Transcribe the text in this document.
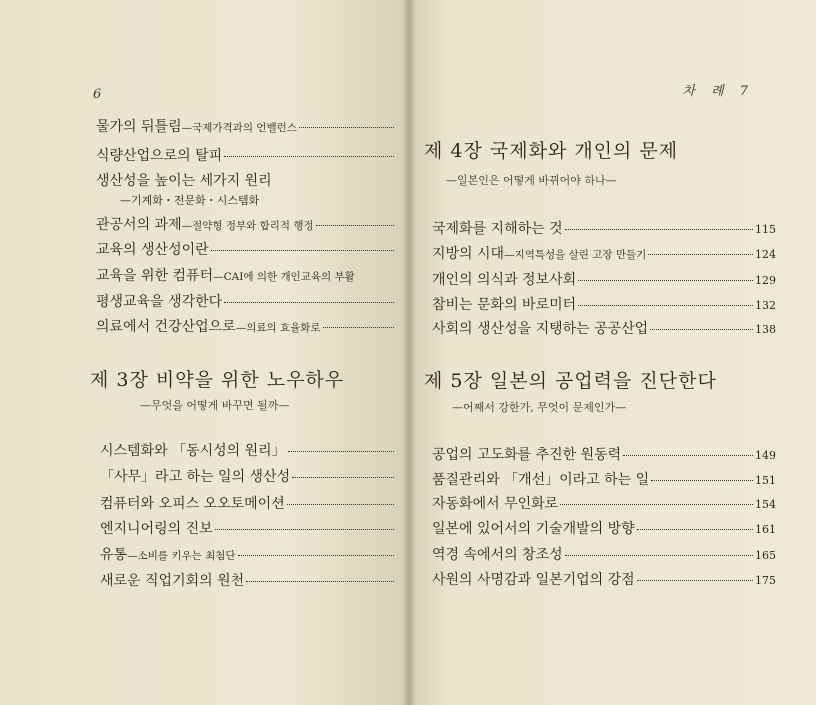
6
물가의 뒤틀림 —국제가격과의 언밸런스
식량산업으로의 탈피
생산성을 높이는 세가지 원리
—기계화・전문화・시스템화
관공서의 과제 —절약형 정부와 합리적 행정
교육의 생산성이란
교육을 위한 컴퓨터 —CAI에 의한 개인교육의 부활
평생교육을 생각한다
의료에서 건강산업으로 —의료의 효율화로
제 3장 비약을 위한 노우하우
—무엇을 어떻게 바꾸면 될까—
시스템화와 「동시성의 원리」
「사무」라고 하는 일의 생산성
컴퓨터와 오피스 오오토메이션
엔지니어링의 진보
유통 —소비를 키우는 최첨단
새로운 직업기회의 원천
차 례 7
제 4장 국제화와 개인의 문제
—일본인은 어떻게 바뀌어야 하나—
국제화를 지해하는 것	115
지방의 시대 —지역특성을 살린 고장 만들기	124
개인의 의식과 정보사회	129
참비는 문화의 바로미터	132
사회의 생산성을 지탱하는 공공산업	138
제 5장 일본의 공업력을 진단한다
—어째서 강한가, 무엇이 문제인가—
공업의 고도화를 추진한 원동력	149
품질관리와 「개선」이라고 하는 일	151
자동화에서 무인화로	154
일본에 있어서의 기술개발의 방향	161
역경 속에서의 창조성	165
사원의 사명감과 일본기업의 강점	175
